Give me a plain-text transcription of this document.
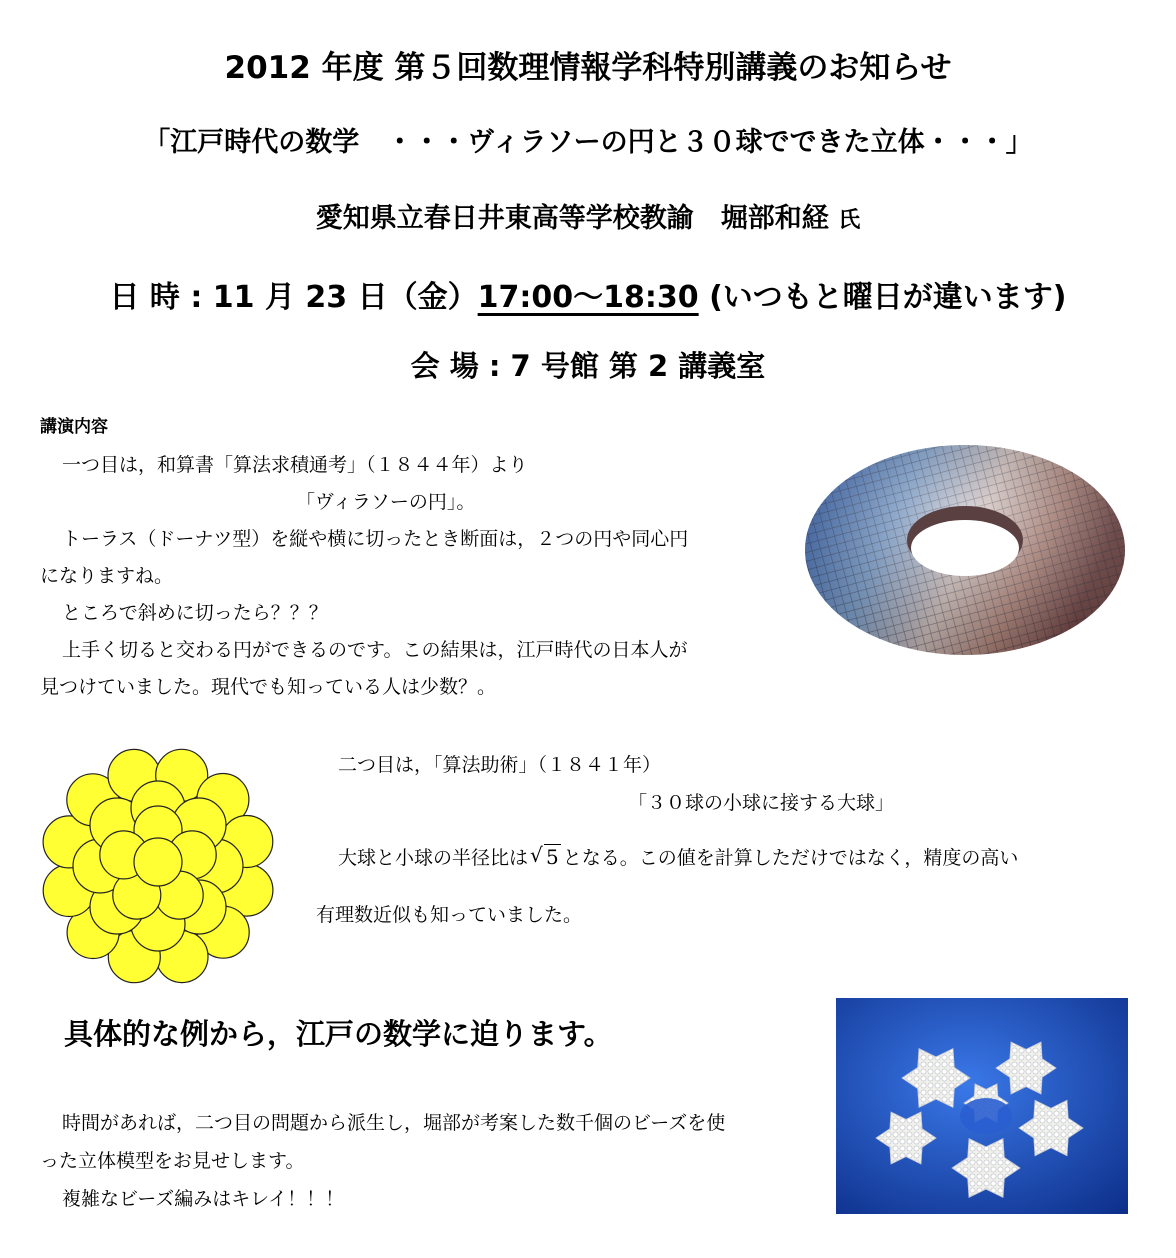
2012 年度 第５回数理情報学科特別講義のお知らせ
「江戸時代の数学　・・・ヴィラソーの円と３０球でできた立体・・・」
愛知県立春日井東高等学校教諭　堀部和経 氏
日 時 : 11 月 23 日（金）17:00～18:30 (いつもと曜日が違います)
会 場 : 7 号館 第 2 講義室
講演内容
一つ目は，和算書「算法求積通考」（１８４４年）より
「ヴィラソーの円」。
トーラス（ドーナツ型）を縦や横に切ったとき断面は，２つの円や同心円
になりますね。
ところで斜めに切ったら？？？
上手く切ると交わる円ができるのです。この結果は，江戸時代の日本人が
見つけていました。現代でも知っている人は少数？。
二つ目は，「算法助術」（１８４１年）
「３０球の小球に接する大球」
大球と小球の半径比は √ 5 となる。この値を計算しただけではなく，精度の高い
有理数近似も知っていました。
具体的な例から，江戸の数学に迫ります。
時間があれば，二つ目の問題から派生し，堀部が考案した数千個のビーズを使
った立体模型をお見せします。
複雑なビーズ編みはキレイ！！！
